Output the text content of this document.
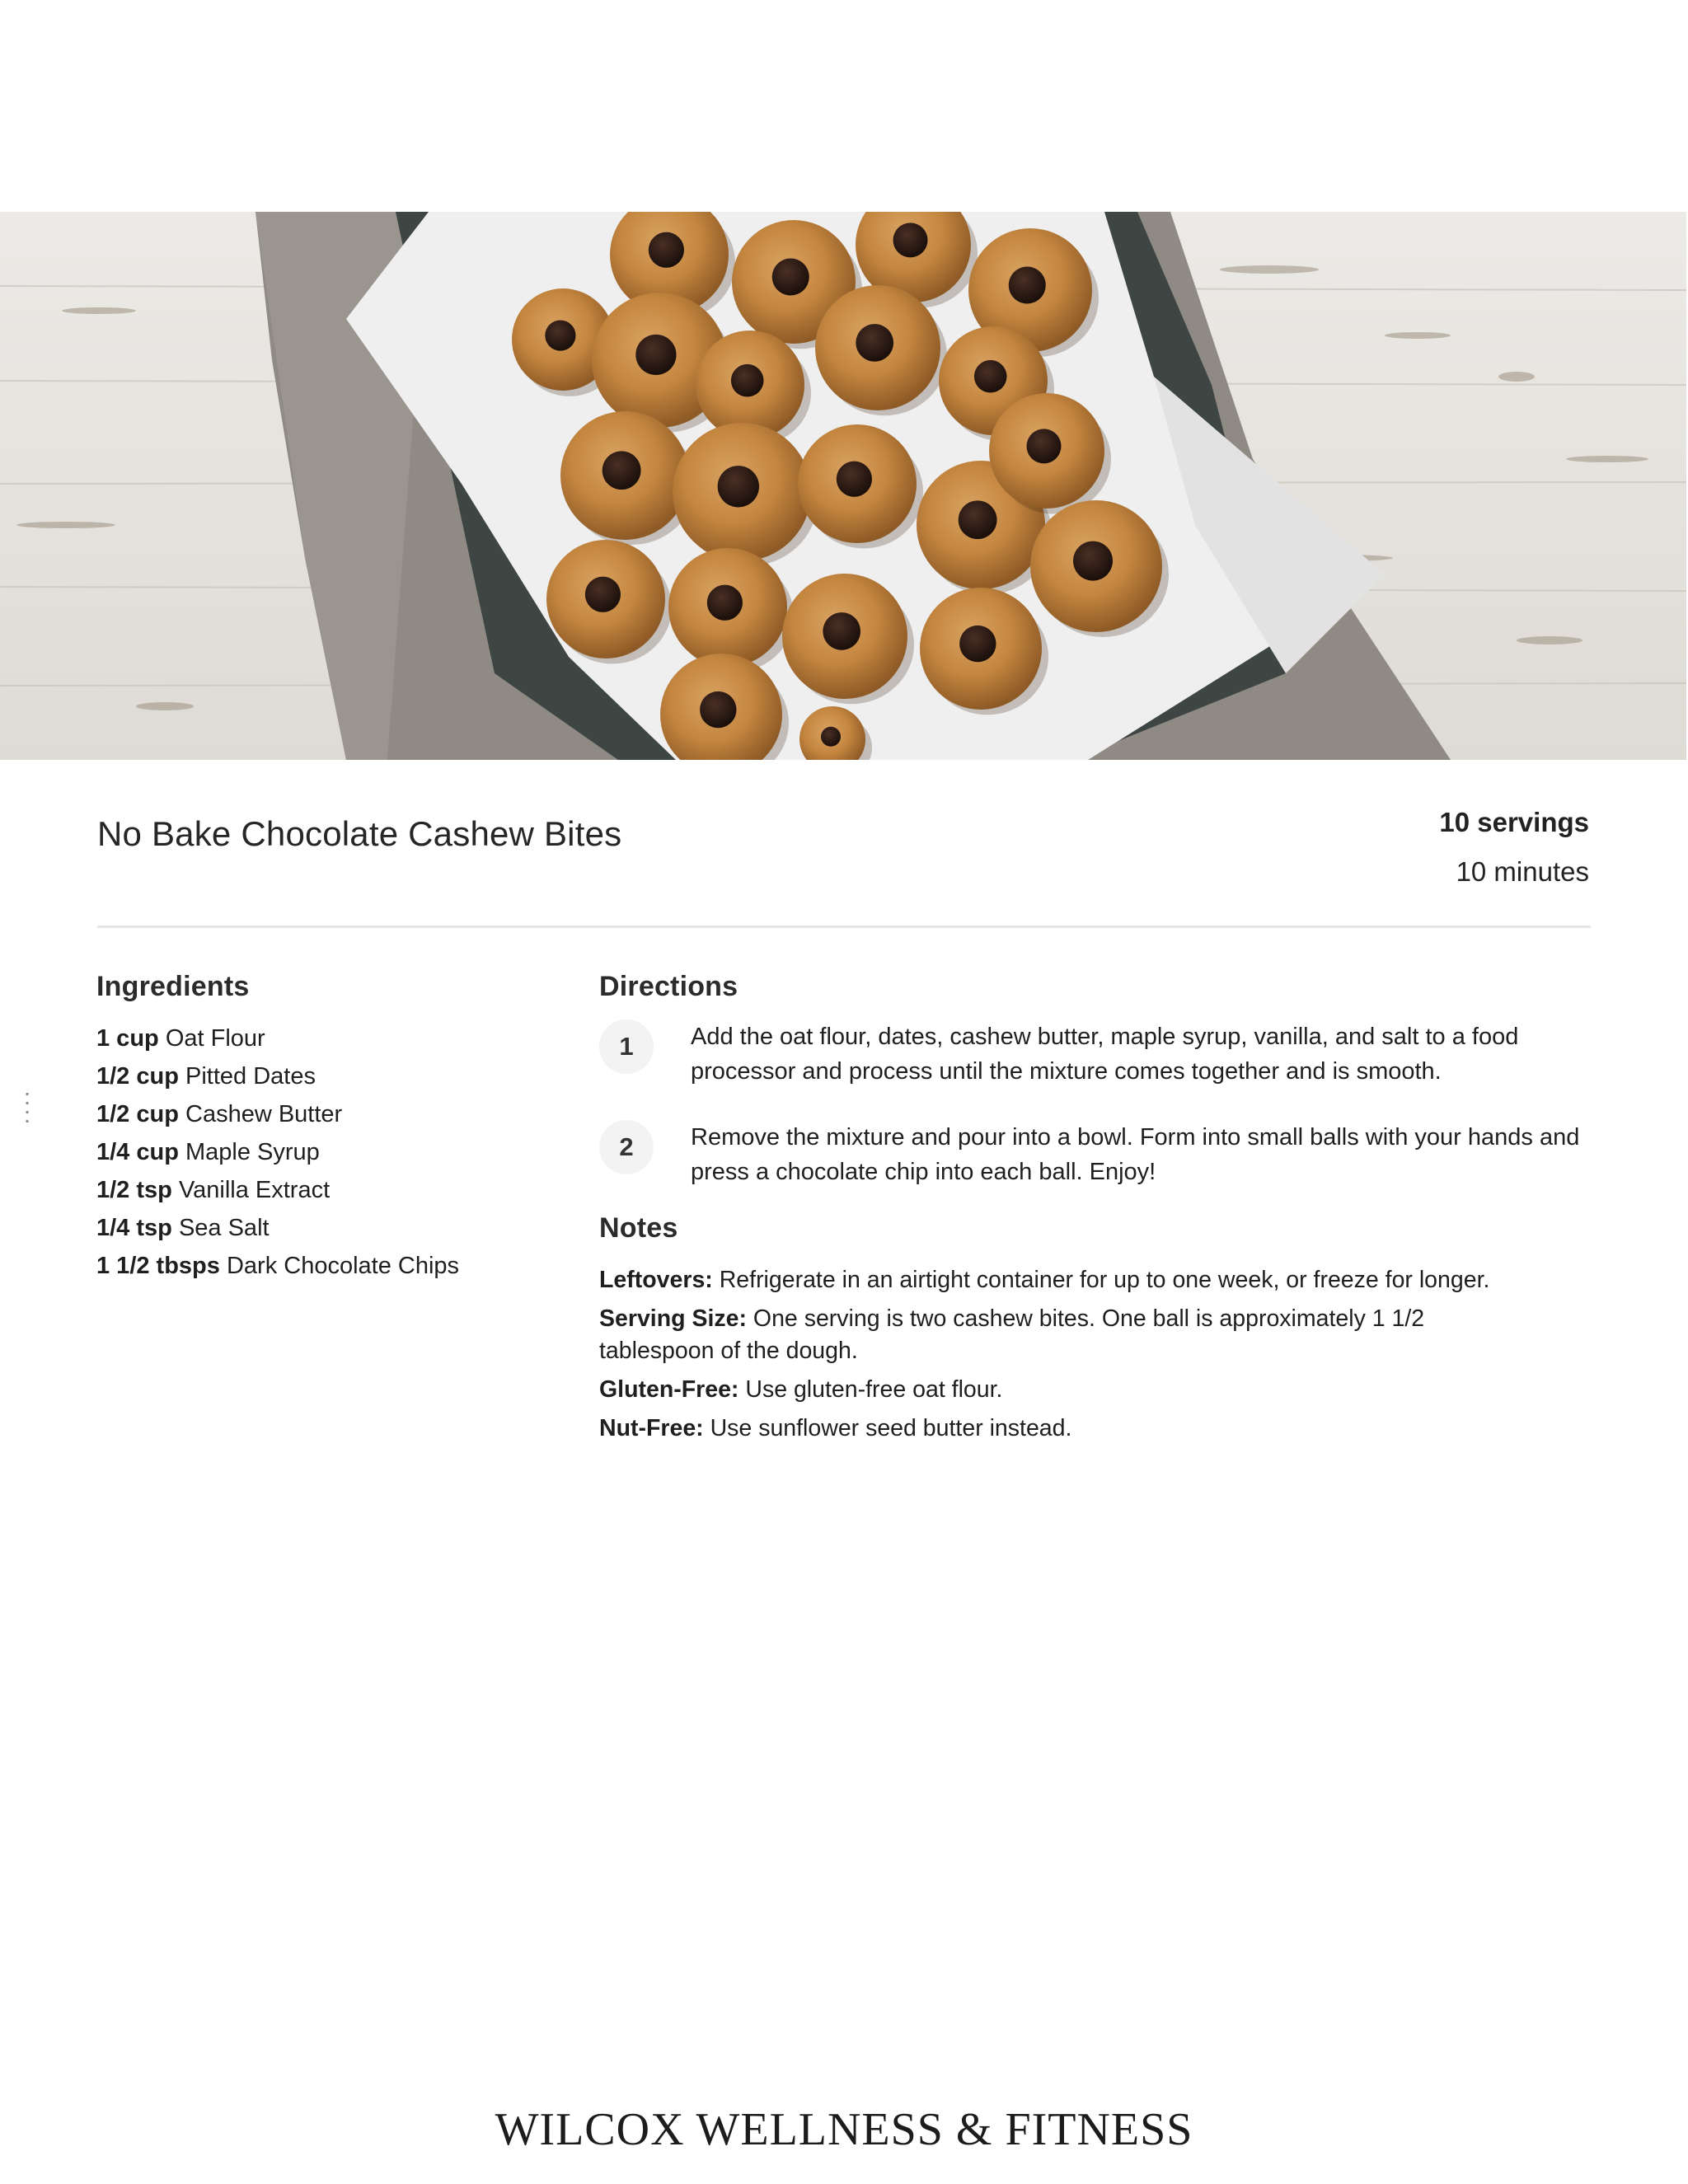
No Bake Chocolate Cashew Bites	10 servings
10 minutes
Ingredients
1 cup Oat Flour
1/2 cup Pitted Dates
1/2 cup Cashew Butter
1/4 cup Maple Syrup
1/2 tsp Vanilla Extract
1/4 tsp Sea Salt
1 1/2 tbsps Dark Chocolate Chips
Directions
1	Add the oat flour, dates, cashew butter, maple syrup, vanilla, and salt to a food processor and process until the mixture comes together and is smooth.
2	Remove the mixture and pour into a bowl. Form into small balls with your hands and press a chocolate chip into each ball. Enjoy!
Notes

Leftovers: Refrigerate in an airtight container for up to one week, or freeze for longer.

Serving Size: One serving is two cashew bites. One ball is approximately 1 1/2 tablespoon of the dough.

Gluten-Free: Use gluten-free oat flour.

Nut-Free: Use sunflower seed butter instead.

WILCOX WELLNESS & FITNESS
